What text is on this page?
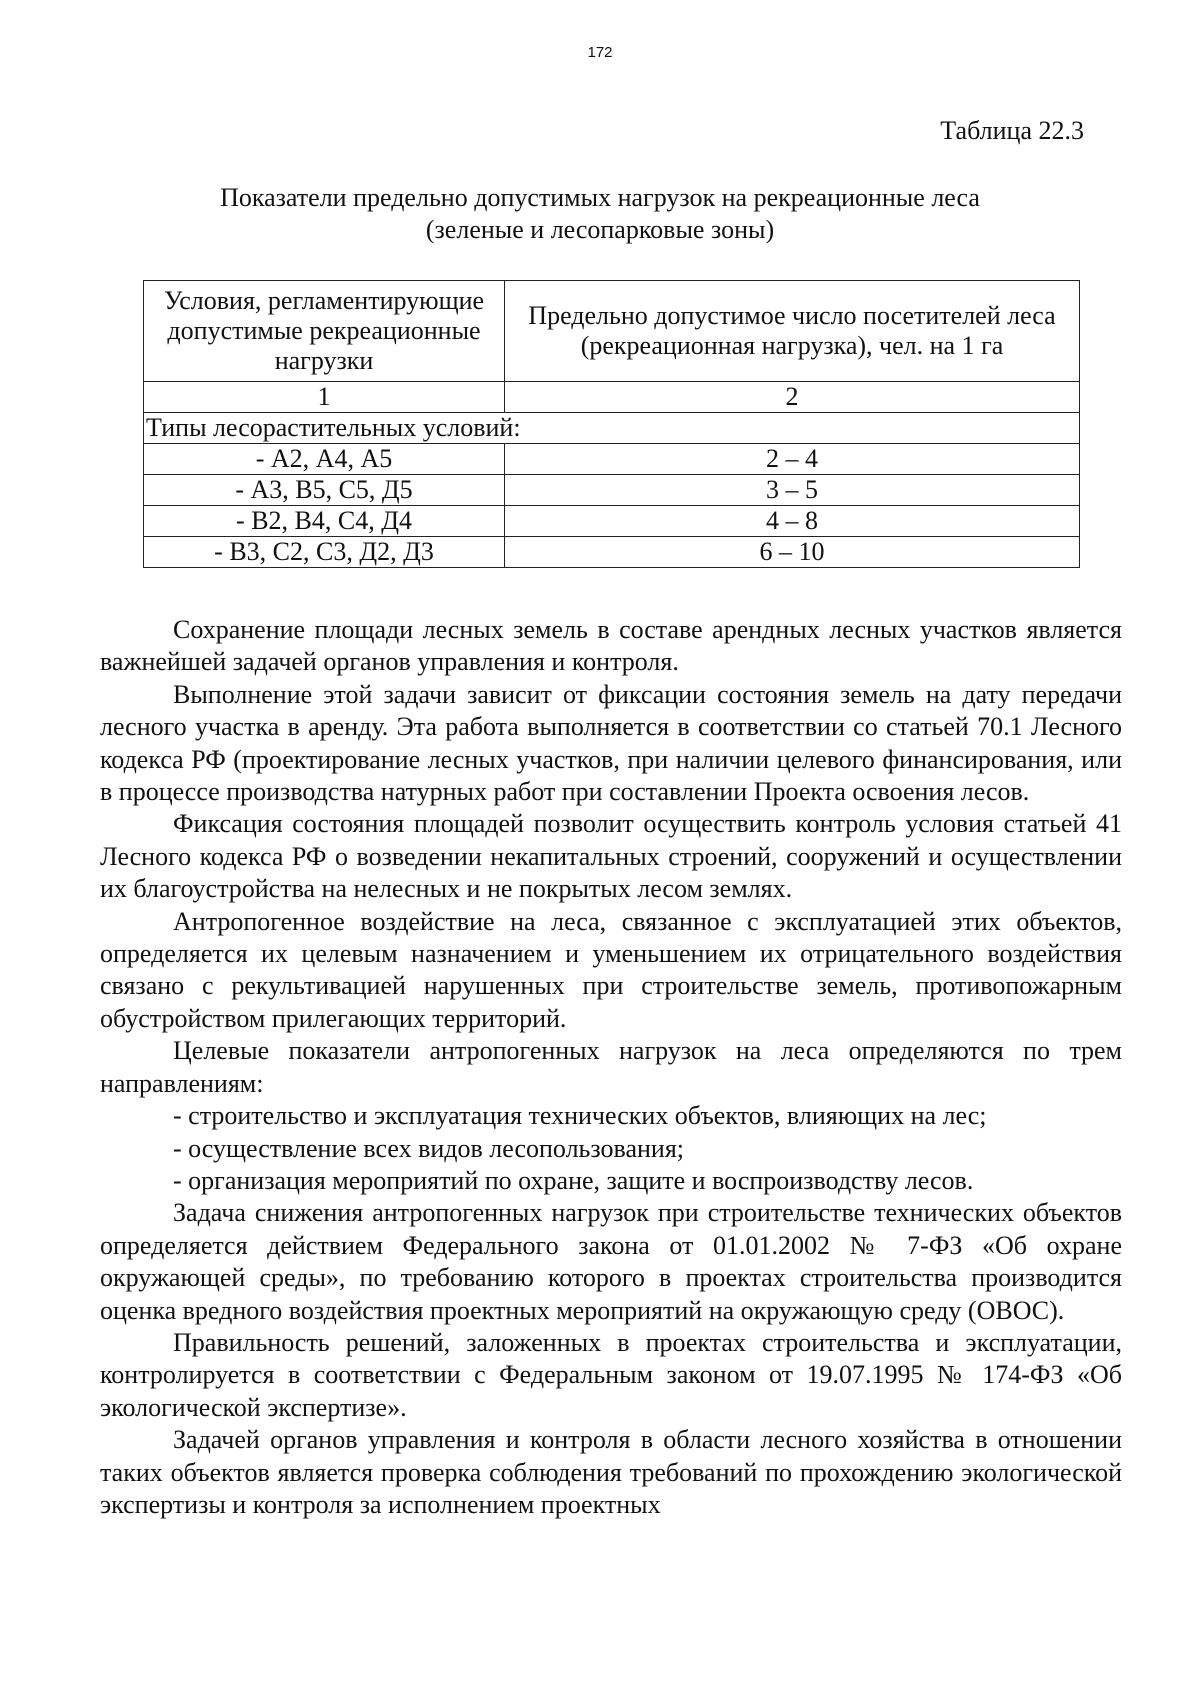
172
Таблица 22.3
Показатели предельно допустимых нагрузок на рекреационные леса
(зеленые и лесопарковые зоны)
Условия, регламентирующие допустимые рекреационные нагрузки	Предельно допустимое число посетителей леса (рекреационная нагрузка), чел. на 1 га
1	2
Типы лесорастительных условий:	
- А2, А4, А5	2 – 4
- А3, В5, С5, Д5	3 – 5
- В2, В4, С4, Д4	4 – 8
- В3, С2, С3, Д2, Д3	6 – 10

Сохранение площади лесных земель в составе арендных лесных участков является важнейшей задачей органов управления и контроля.

Выполнение этой задачи зависит от фиксации состояния земель на дату передачи лесного участка в аренду. Эта работа выполняется в соответствии со статьей 70.1 Лесного кодекса РФ (проектирование лесных участков, при наличии целевого финансирования, или в процессе производства натурных работ при составлении Проекта освоения лесов.

Фиксация состояния площадей позволит осуществить контроль условия статьей 41 Лесного кодекса РФ о возведении некапитальных строений, сооружений и осуществлении их благоустройства на нелесных и не покрытых лесом землях.

Антропогенное воздействие на леса, связанное с эксплуатацией этих объектов, определяется их целевым назначением и уменьшением их отрицательного воздействия связано с рекультивацией нарушенных при строительстве земель, противопожарным обустройством прилегающих территорий.

Целевые показатели антропогенных нагрузок на леса определяются по трем направлениям:

- строительство и эксплуатация технических объектов, влияющих на лес;

- осуществление всех видов лесопользования;

- организация мероприятий по охране, защите и воспроизводству лесов.

Задача снижения антропогенных нагрузок при строительстве технических объектов определяется действием Федерального закона от 01.01.2002 № 7-ФЗ «Об охране окружающей среды», по требованию которого в проектах строительства производится оценка вредного воздействия проектных мероприятий на окружающую среду (ОВОС).

Правильность решений, заложенных в проектах строительства и эксплуатации, контролируется в соответствии с Федеральным законом от 19.07.1995 № 174-ФЗ «Об экологической экспертизе».

Задачей органов управления и контроля в области лесного хозяйства в отношении таких объектов является проверка соблюдения требований по прохождению экологической экспертизы и контроля за исполнением проектных
